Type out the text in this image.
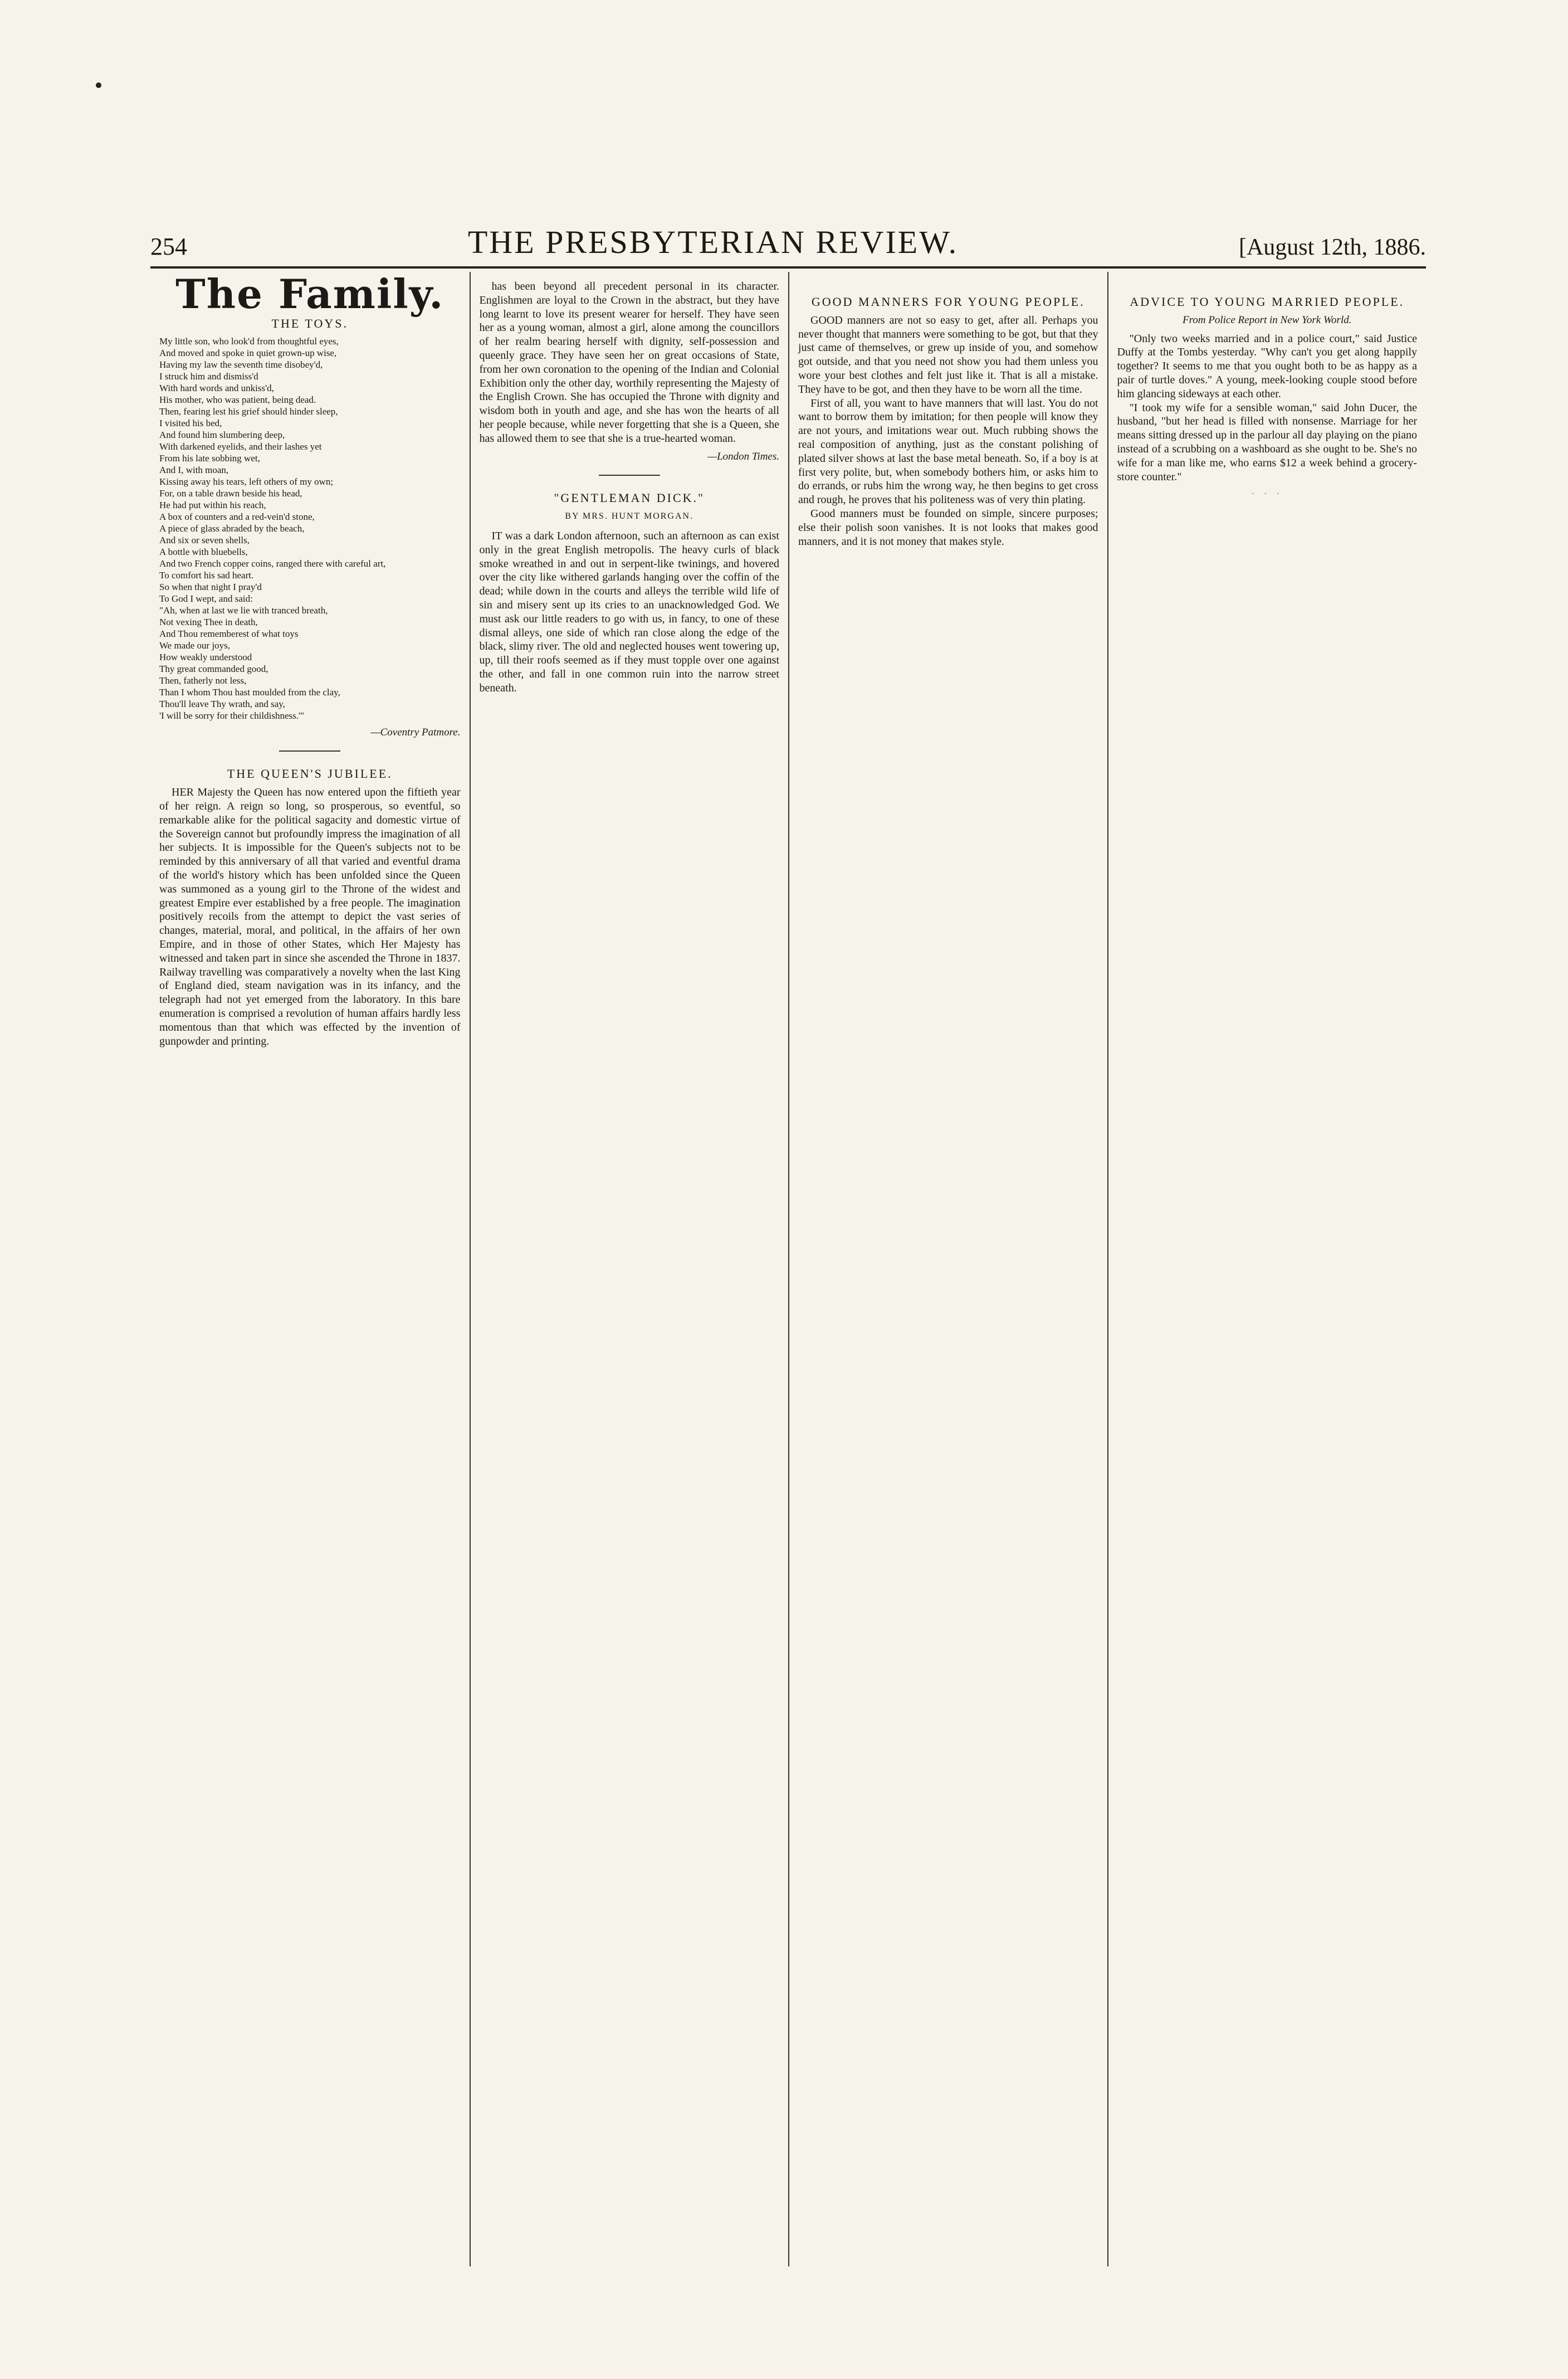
254	THE PRESBYTERIAN REVIEW.	[August 12th, 1886.
The Family.
THE TOYS.
My little son, who look'd from thoughtful eyes,
And moved and spoke in quiet grown-up wise,
Having my law the seventh time disobey'd,
I struck him and dismiss'd
With hard words and unkiss'd,
His mother, who was patient, being dead.
Then, fearing lest his grief should hinder sleep,
I visited his bed,
And found him slumbering deep,
With darkened eyelids, and their lashes yet
From his late sobbing wet,
And I, with moan,
Kissing away his tears, left others of my own;
For, on a table drawn beside his head,
He had put within his reach,
A box of counters and a red-vein'd stone,
A piece of glass abraded by the beach,
And six or seven shells,
A bottle with bluebells,
And two French copper coins, ranged there with careful art,
To comfort his sad heart.
So when that night I pray'd
To God I wept, and said:
"Ah, when at last we lie with tranced breath,
Not vexing Thee in death,
And Thou rememberest of what toys
We made our joys,
How weakly understood
Thy great commanded good,
Then, fatherly not less,
Than I whom Thou hast moulded from the clay,
Thou'll leave Thy wrath, and say,
'I will be sorry for their childishness.'"
—Coventry Patmore.
THE QUEEN'S JUBILEE.

HER Majesty the Queen has now entered upon the fiftieth year of her reign. A reign so long, so prosperous, so eventful, so remarkable alike for the political sagacity and domestic virtue of the Sovereign cannot but profoundly impress the imagination of all her subjects. It is impossible for the Queen's subjects not to be reminded by this anniversary of all that varied and eventful drama of the world's history which has been unfolded since the Queen was summoned as a young girl to the Throne of the widest and greatest Empire ever established by a free people. The imagination positively recoils from the attempt to depict the vast series of changes, material, moral, and political, in the affairs of her own Empire, and in those of other States, which Her Majesty has witnessed and taken part in since she ascended the Throne in 1837. Railway travelling was comparatively a novelty when the last King of England died, steam navigation was in its infancy, and the telegraph had not yet emerged from the laboratory. In this bare enumeration is comprised a revolution of human affairs hardly less momentous than that which was effected by the invention of gunpowder and printing.

has been beyond all precedent personal in its character. Englishmen are loyal to the Crown in the abstract, but they have long learnt to love its present wearer for herself. They have seen her as a young woman, almost a girl, alone among the councillors of her realm bearing herself with dignity, self-possession and queenly grace. They have seen her on great occasions of State, from her own coronation to the opening of the Indian and Colonial Exhibition only the other day, worthily representing the Majesty of the English Crown. She has occupied the Throne with dignity and wisdom both in youth and age, and she has won the hearts of all her people because, while never forgetting that she is a Queen, she has allowed them to see that she is a true-hearted woman.

—London Times.
"GENTLEMAN DICK."
BY MRS. HUNT MORGAN.

IT was a dark London afternoon, such an afternoon as can exist only in the great English metropolis. The heavy curls of black smoke wreathed in and out in serpent-like twinings, and hovered over the city like withered garlands hanging over the coffin of the dead; while down in the courts and alleys the terrible wild life of sin and misery sent up its cries to an unacknowledged God. We must ask our little readers to go with us, in fancy, to one of these dismal alleys, one side of which ran close along the edge of the black, slimy river. The old and neglected houses went towering up, up, till their roofs seemed as if they must topple over one against the other, and fall in one common ruin into the narrow street beneath.

GOOD MANNERS FOR YOUNG PEOPLE.

GOOD manners are not so easy to get, after all. Perhaps you never thought that manners were something to be got, but that they just came of themselves, or grew up inside of you, and somehow got outside, and that you need not show you had them unless you wore your best clothes and felt just like it. That is all a mistake. They have to be got, and then they have to be worn all the time.

First of all, you want to have manners that will last. You do not want to borrow them by imitation; for then people will know they are not yours, and imitations wear out. Much rubbing shows the real composition of anything, just as the constant polishing of plated silver shows at last the base metal beneath. So, if a boy is at first very polite, but, when somebody bothers him, or asks him to do errands, or rubs him the wrong way, he then begins to get cross and rough, he proves that his politeness was of very thin plating.

Good manners must be founded on simple, sincere purposes; else their polish soon vanishes. It is not looks that makes good manners, and it is not money that makes style.

ADVICE TO YOUNG MARRIED PEOPLE.
From Police Report in New York World.

"Only two weeks married and in a police court," said Justice Duffy at the Tombs yesterday. "Why can't you get along happily together? It seems to me that you ought both to be as happy as a pair of turtle doves." A young, meek-looking couple stood before him glancing sideways at each other.

"I took my wife for a sensible woman," said John Ducer, the husband, "but her head is filled with nonsense. Marriage for her means sitting dressed up in the parlour all day playing on the piano instead of a scrubbing on a washboard as she ought to be. She's no wife for a man like me, who earns $12 a week behind a grocery-store counter."

· · ·
